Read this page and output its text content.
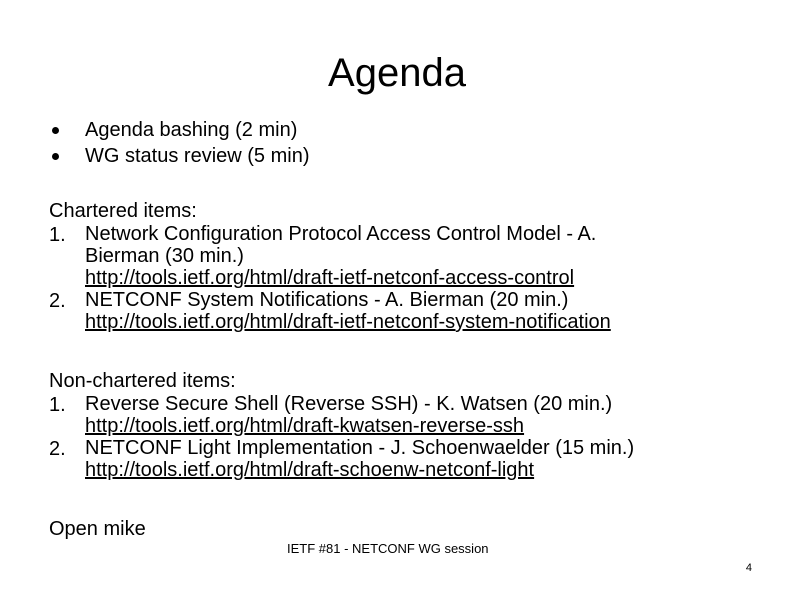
Agenda
Agenda bashing (2 min)
WG status review (5 min)
Chartered items:
1. Network Configuration Protocol Access Control Model - A.
Bierman (30 min.)
http://tools.ietf.org/html/draft-ietf-netconf-access-control
2. NETCONF System Notifications - A. Bierman (20 min.)
http://tools.ietf.org/html/draft-ietf-netconf-system-notification
Non-chartered items:
1. Reverse Secure Shell (Reverse SSH) - K. Watsen (20 min.)
http://tools.ietf.org/html/draft-kwatsen-reverse-ssh
2. NETCONF Light Implementation - J. Schoenwaelder (15 min.)
http://tools.ietf.org/html/draft-schoenw-netconf-light
Open mike
IETF #81 - NETCONF WG session
4
